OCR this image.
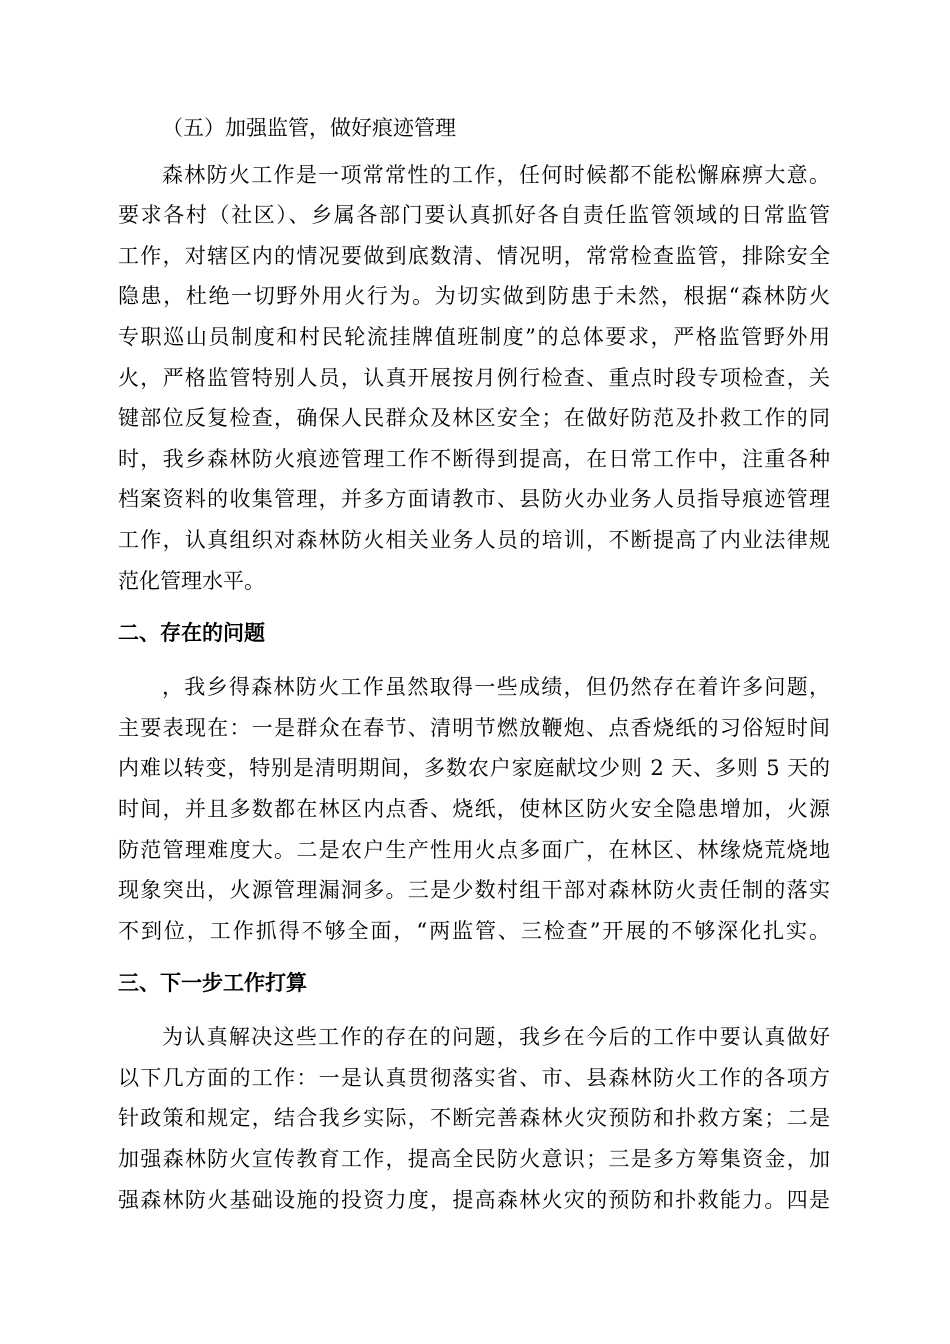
（五）加强监管，做好痕迹管理
森林防火工作是一项常常性的工作，任何时候都不能松懈麻痹大意。
要求各村（社区）、乡属各部门要认真抓好各自责任监管领域的日常监管
工作，对辖区内的情况要做到底数清、情况明，常常检查监管，排除安全
隐患，杜绝一切野外用火行为。为切实做到防患于未然，根据“森林防火
专职巡山员制度和村民轮流挂牌值班制度”的总体要求，严格监管野外用
火，严格监管特别人员，认真开展按月例行检查、重点时段专项检查，关
键部位反复检查，确保人民群众及林区安全；在做好防范及扑救工作的同
时，我乡森林防火痕迹管理工作不断得到提高，在日常工作中，注重各种
档案资料的收集管理，并多方面请教市、县防火办业务人员指导痕迹管理
工作，认真组织对森林防火相关业务人员的培训，不断提高了内业法律规
范化管理水平。
二、存在的问题
，我乡得森林防火工作虽然取得一些成绩，但仍然存在着许多问题，
主要表现在：一是群众在春节、清明节燃放鞭炮、点香烧纸的习俗短时间
内难以转变，特别是清明期间，多数农户家庭献坟少则 2 天、多则 5 天的
时间，并且多数都在林区内点香、烧纸，使林区防火安全隐患增加，火源
防范管理难度大。二是农户生产性用火点多面广，在林区、林缘烧荒烧地
现象突出，火源管理漏洞多。三是少数村组干部对森林防火责任制的落实
不到位，工作抓得不够全面，“两监管、三检查”开展的不够深化扎实。
三、下一步工作打算
为认真解决这些工作的存在的问题，我乡在今后的工作中要认真做好
以下几方面的工作：一是认真贯彻落实省、市、县森林防火工作的各项方
针政策和规定，结合我乡实际，不断完善森林火灾预防和扑救方案；二是
加强森林防火宣传教育工作，提高全民防火意识；三是多方筹集资金，加
强森林防火基础设施的投资力度，提高森林火灾的预防和扑救能力。四是
